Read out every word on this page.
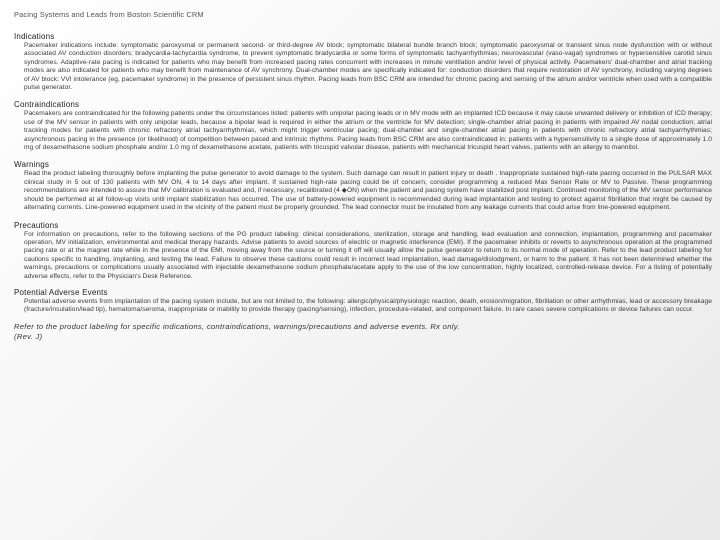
Pacing Systems and Leads from Boston Scientific CRM
Indications
Pacemaker indications include: symptomatic paroxysmal or permanent second- or third-degree AV block; symptomatic bilateral bundle branch block; symptomatic paroxysmal or transient sinus node dysfunction with or without associated AV conduction disorders; bradycardia-tachycardia syndrome, to prevent symptomatic bradycardia or some forms of symptomatic tachyarrhythmias; neurovascular (vaso-vagal) syndromes or hypersensitive carotid sinus syndromes. Adaptive-rate pacing is indicated for patients who may benefit from increased pacing rates concurrent with increases in minute ventilation and/or level of physical activity. Pacemakers' dual-chamber and atrial tracking modes are also indicated for patients who may benefit from maintenance of AV synchrony. Dual-chamber modes are specifically indicated for: conduction disorders that require restoration of AV synchrony, including varying degrees of AV block; VVI intolerance (eg, pacemaker syndrome) in the presence of persistent sinus rhythm. Pacing leads from BSC CRM are intended for chronic pacing and sensing of the atrium and/or ventricle when used with a compatible pulse generator.
Contraindications
Pacemakers are contraindicated for the following patients under the circumstances listed: patients with unipolar pacing leads or in MV mode with an implanted ICD because it may cause unwanted delivery or inhibition of ICD therapy; use of the MV sensor in patients with only unipolar leads, because a bipolar lead is required in either the atrium or the ventricle for MV detection; single-chamber atrial pacing in patients with impaired AV nodal conduction; atrial tracking modes for patients with chronic refractory atrial tachyarrhythmias, which might trigger ventricular pacing; dual-chamber and single-chamber atrial pacing in patients with chronic refractory atrial tachyarrhythmias; asynchronous pacing in the presence (or likelihood) of competition between paced and intrinsic rhythms. Pacing leads from BSC CRM are also contraindicated in: patients with a hypersensitivity to a single dose of approximately 1.0 mg of dexamethasone sodium phosphate and/or 1.0 mg of dexamethasone acetate, patients with tricuspid valvular disease, patients with mechanical tricuspid heart valves, patients with an allergy to mannitol.
Warnings
Read the product labeling thoroughly before implanting the pulse generator to avoid damage to the system. Such damage can result in patient injury or death . Inappropriate sustained high-rate pacing occurred in the PULSAR MAX clinical study in 5 out of 130 patients with MV ON, 4 to 14 days after implant. If sustained high-rate pacing could be of concern, consider programming a reduced Max Sensor Rate or MV to Passive. These programming recommendations are intended to assure that MV calibration is evaluated and, if necessary, recalibrated (4 ◆ON) when the patient and pacing system have stabilized post implant. Continued monitoring of the MV sensor performance should be performed at all follow-up visits until implant stabilization has occurred. The use of battery-powered equipment is recommended during lead implantation and testing to protect against fibrillation that might be caused by alternating currents. Line-powered equipment used in the vicinity of the patient must be properly grounded. The lead connector must be insulated from any leakage currents that could arise from line-powered equipment.
Precautions
For information on precautions, refer to the following sections of the PG product labeling: clinical considerations, sterilization, storage and handling, lead evaluation and connection, implantation, programming and pacemaker operation, MV initialization, environmental and medical therapy hazards. Advise patients to avoid sources of electric or magnetic interference (EMI). If the pacemaker inhibits or reverts to asynchronous operation at the programmed pacing rate or at the magnet rate while in the presence of the EMI, moving away from the source or turning it off will usually allow the pulse generator to return to its normal mode of operation. Refer to the lead product labeling for cautions specific to handling, implanting, and testing the lead. Failure to observe these cautions could result in incorrect lead implantation, lead damage/dislodgment, or harm to the patient. It has not been determined whether the warnings, precautions or complications usually associated with injectable dexamethasone sodium phosphate/acetate apply to the use of the low concentration, highly localized, controlled-release device. For a listing of potentially adverse effects, refer to the Physician's Desk Reference.
Potential Adverse Events
Potential adverse events from implantation of the pacing system include, but are not limited to, the following: allergic/physical/physiologic reaction, death, erosion/migration, fibrillation or other arrhythmias, lead or accessory breakage (fracture/insulation/lead tip), hematoma/seroma, inappropriate or inability to provide therapy (pacing/sensing), infection, procedure-related, and component failure. In rare cases severe complications or device failures can occur.
Refer to the product labeling for specific indications, contraindications, warnings/precautions and adverse events. Rx only.
(Rev. J)
